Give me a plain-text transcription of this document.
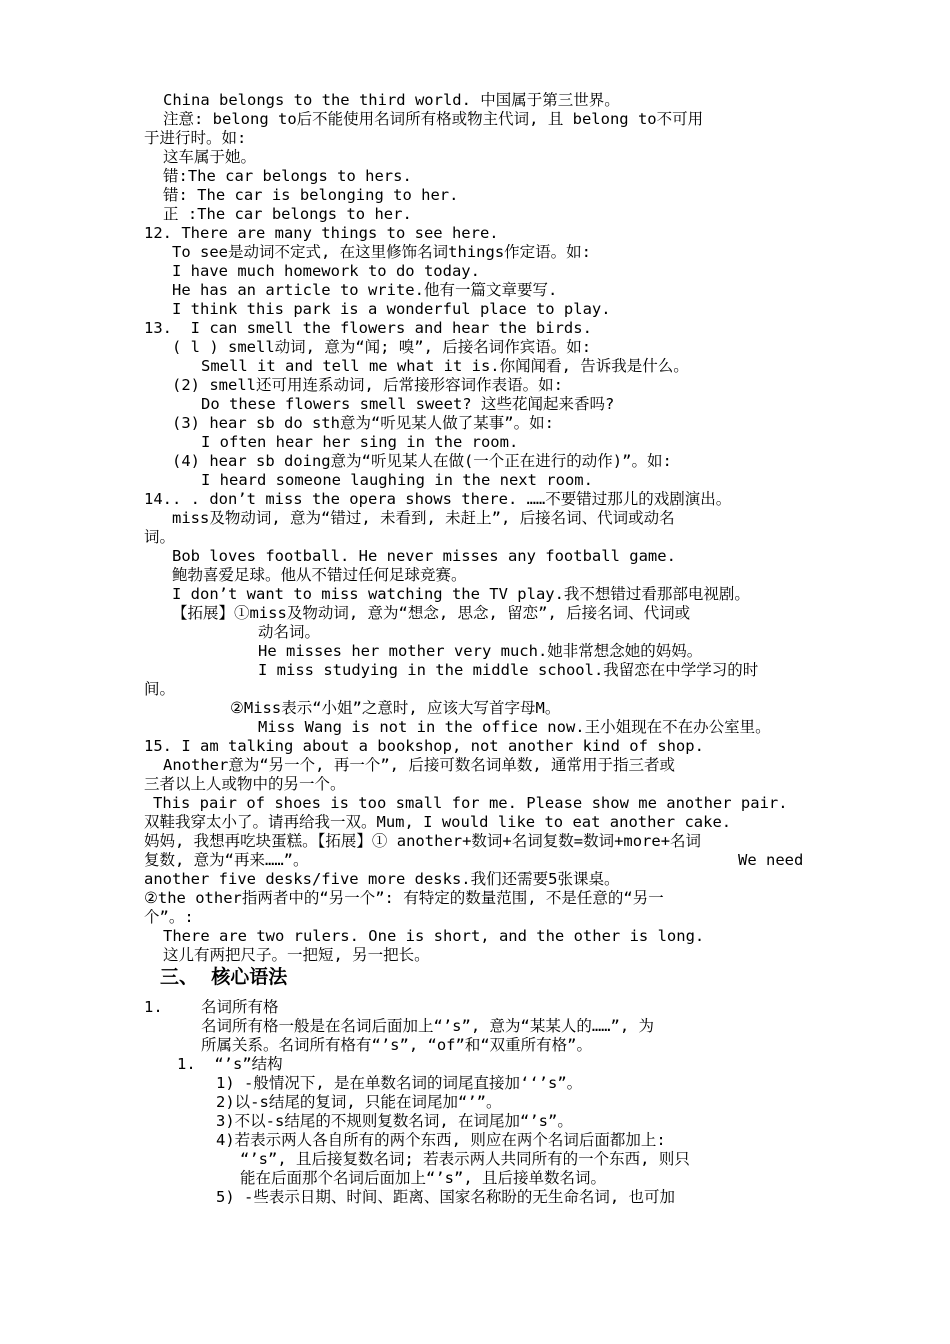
China belongs to the third world. 中国属于第三世界。
注意: belong to后不能使用名词所有格或物主代词, 且 belong to不可用
于进行时。如:
这车属于她。
错:The car belongs to hers.
错: The car is belonging to her.
正 :The car belongs to her.
12. There are many things to see here.
To see是动词不定式, 在这里修饰名词things作定语。如:
I have much homework to do today.
He has an article to write.他有一篇文章要写.
I think this park is a wonderful place to play.
13.  I can smell the flowers and hear the birds.
( l ) smell动词, 意为“闻; 嗅”, 后接名词作宾语。如:
Smell it and tell me what it is.你闻闻看, 告诉我是什么。
(2) smell还可用连系动词, 后常接形容词作表语。如:
Do these flowers smell sweet? 这些花闻起来香吗?
(3) hear sb do sth意为“听见某人做了某事”。如:
I often hear her sing in the room.
(4) hear sb doing意为“听见某人在做(一个正在进行的动作)”。如:
I heard someone laughing in the next room.
14.. . don’t miss the opera shows there. ……不要错过那儿的戏剧演出。
miss及物动词, 意为“错过, 未看到, 未赶上”, 后接名词、代词或动名
词。
Bob loves football. He never misses any football game.
鲍勃喜爱足球。他从不错过任何足球竞赛。
I don’t want to miss watching the TV play.我不想错过看那部电视剧。
【拓展】①miss及物动词, 意为“想念, 思念, 留恋”, 后接名词、代词或
动名词。
He misses her mother very much.她非常想念她的妈妈。
I miss studying in the middle school.我留恋在中学学习的时
间。
②Miss表示“小姐”之意时, 应该大写首字母M。
Miss Wang is not in the office now.王小姐现在不在办公室里。
15. I am talking about a bookshop, not another kind of shop.
Another意为“另一个, 再一个”, 后接可数名词单数, 通常用于指三者或
三者以上人或物中的另一个。
This pair of shoes is too small for me. Please show me another pair.
双鞋我穿太小了。请再给我一双。Mum, I would like to eat another cake.
妈妈, 我想再吃块蛋糕。【拓展】① another+数词+名词复数=数词+more+名词
复数, 意为“再来……”。	We need
another five desks/five more desks.我们还需要5张课桌。
②the other指两者中的“另一个”: 有特定的数量范围, 不是任意的“另一
个”。:
There are two rulers. One is short, and the other is long.
这儿有两把尺子。一把短, 另一把长。
三、  核心语法
1. 名词所有格
名词所有格一般是在名词后面加上“’s”, 意为“某某人的……”, 为
所属关系。名词所有格有“’s”, “of”和“双重所有格”。
1.  “’s”结构
1) -般情况下, 是在单数名词的词尾直接加‘‘’s”。
2)以-s结尾的复词, 只能在词尾加“’”。
3)不以-s结尾的不规则复数名词, 在词尾加“’s”。
4)若表示两人各自所有的两个东西, 则应在两个名词后面都加上:
“’s”, 且后接复数名词; 若表示两人共同所有的一个东西, 则只
能在后面那个名词后面加上“’s”, 且后接单数名词。
5) -些表示日期、时间、距离、国家名称盼的无生命名词, 也可加
